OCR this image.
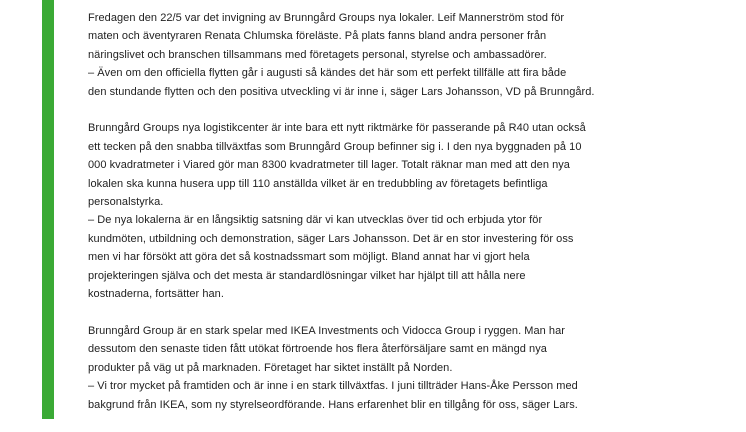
Fredagen den 22/5 var det invigning av Brunngård Groups nya lokaler. Leif Mannerström stod för
maten och äventyraren Renata Chlumska föreläste. På plats fanns bland andra personer från
näringslivet och branschen tillsammans med företagets personal, styrelse och ambassadörer.
– Även om den officiella flytten går i augusti så kändes det här som ett perfekt tillfälle att fira både
den stundande flytten och den positiva utveckling vi är inne i, säger Lars Johansson, VD på Brunngård.

Brunngård Groups nya logistikcenter är inte bara ett nytt riktmärke för passerande på R40 utan också
ett tecken på den snabba tillväxtfas som Brunngård Group befinner sig i. I den nya byggnaden på 10
000 kvadratmeter i Viared gör man 8300 kvadratmeter till lager. Totalt räknar man med att den nya
lokalen ska kunna husera upp till 110 anställda vilket är en tredubbling av företagets befintliga
personalstyrka.
– De nya lokalerna är en långsiktig satsning där vi kan utvecklas över tid och erbjuda ytor för
kundmöten, utbildning och demonstration, säger Lars Johansson. Det är en stor investering för oss
men vi har försökt att göra det så kostnadssmart som möjligt. Bland annat har vi gjort hela
projekteringen själva och det mesta är standardlösningar vilket har hjälpt till att hålla nere
kostnaderna, fortsätter han.

Brunngård Group är en stark spelar med IKEA Investments och Vidocca Group i ryggen. Man har
dessutom den senaste tiden fått utökat förtroende hos flera återförsäljare samt en mängd nya
produkter på väg ut på marknaden. Företaget har siktet inställt på Norden.
– Vi tror mycket på framtiden och är inne i en stark tillväxtfas. I juni tillträder Hans-Åke Persson med
bakgrund från IKEA, som ny styrelseordförande. Hans erfarenhet blir en tillgång för oss, säger Lars.
